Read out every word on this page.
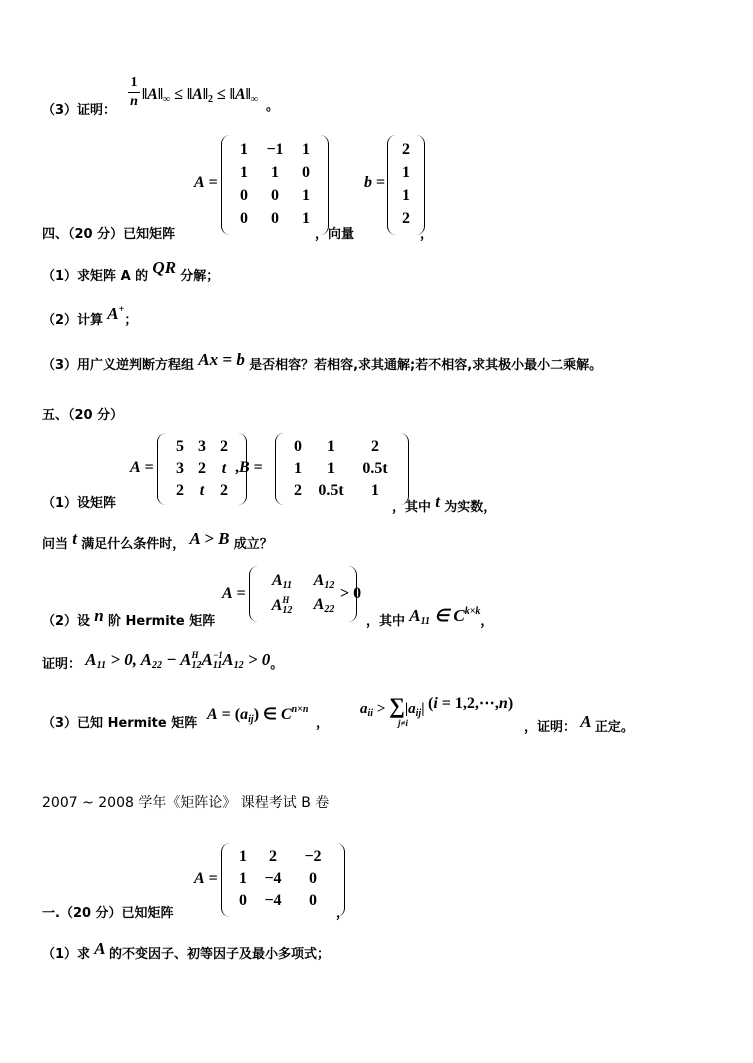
（3）证明：
1
n $‖A‖_\infty$ ≤ $‖A‖_2$ ≤ $‖A‖_\infty$ 。
A =
1 −1 1
1 1 0
0 0 1
0 0 1
b =
2
1
1
2
四、（20 分）已知矩阵	，向量	，
（1）求矩阵 A 的 QR 分解；
（2）计算 A+；
（3）用广义逆判断方程组 Ax = b 是否相容？若相容,求其通解;若不相容,求其极小最小二乘解。
五、（20 分）
A =
5 3 2
3 2 t
2 t 2
,B =
0 1 2
1 1 0.5t
2 0.5t 1
（1）设矩阵	，其中 t 为实数，
问当 t 满足什么条件时， A > B 成立？
A =
$A_{11}$ $A_{12}$
$A^H_{12}$ $A_{22}$
> 0
（2）设 n 阶 Hermite 矩阵	，其中 $A_{11}$ ∈ $C^{k\times k}$，
证明： $A_{11} > 0$, $A_{22} - A^H_{12}A^{-1}_{11}A_{12} > 0$。
（3）已知 Hermite 矩阵
$A = (a_{ij})$ ∈ $C^{n\times n}$
，
$a_{ii} > \sum|a_{ij}|$
j≠i
(i = 1,2,⋯,n)
，证明： A 正定。
2007 ~ 2008 学年《矩阵论》 课程考试 B 卷
A =
1 2 −2
1 −4 0
0 −4 0
一.（20 分）已知矩阵	，
（1）求 A 的不变因子、初等因子及最小多项式；
